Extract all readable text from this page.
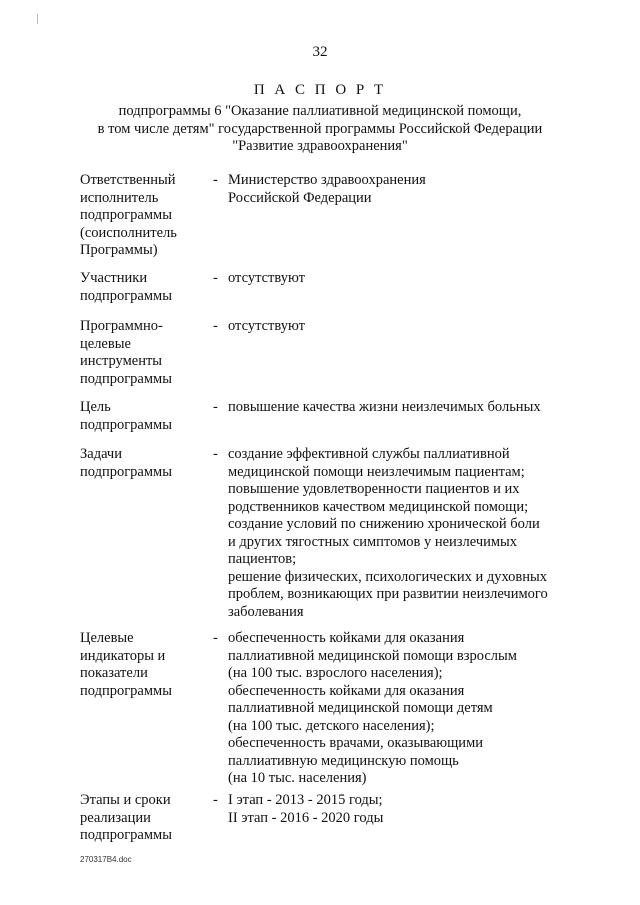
32
П А С П О Р Т
подпрограммы 6 "Оказание паллиативной медицинской помощи,
в том числе детям" государственной программы Российской Федерации
"Развитие здравоохранения"
Ответственный
исполнитель
подпрограммы
(соисполнитель
Программы)
- Министерство здравоохранения
Российской Федерации
Участники
подпрограммы
- отсутствуют
Программно-
целевые
инструменты
подпрограммы
- отсутствуют
Цель
подпрограммы
- повышение качества жизни неизлечимых больных
Задачи
подпрограммы
- создание эффективной службы паллиативной
медицинской помощи неизлечимым пациентам;
повышение удовлетворенности пациентов и их
родственников качеством медицинской помощи;
создание условий по снижению хронической боли
и других тягостных симптомов у неизлечимых
пациентов;
решение физических, психологических и духовных
проблем, возникающих при развитии неизлечимого
заболевания
Целевые
индикаторы и
показатели
подпрограммы
- обеспеченность койками для оказания
паллиативной медицинской помощи взрослым
(на 100 тыс. взрослого населения);
обеспеченность койками для оказания
паллиативной медицинской помощи детям
(на 100 тыс. детского населения);
обеспеченность врачами, оказывающими
паллиативную медицинскую помощь
(на 10 тыс. населения)
Этапы и сроки
реализации
подпрограммы
- I этап - 2013 - 2015 годы;
II этап - 2016 - 2020 годы
270317В4.doc
